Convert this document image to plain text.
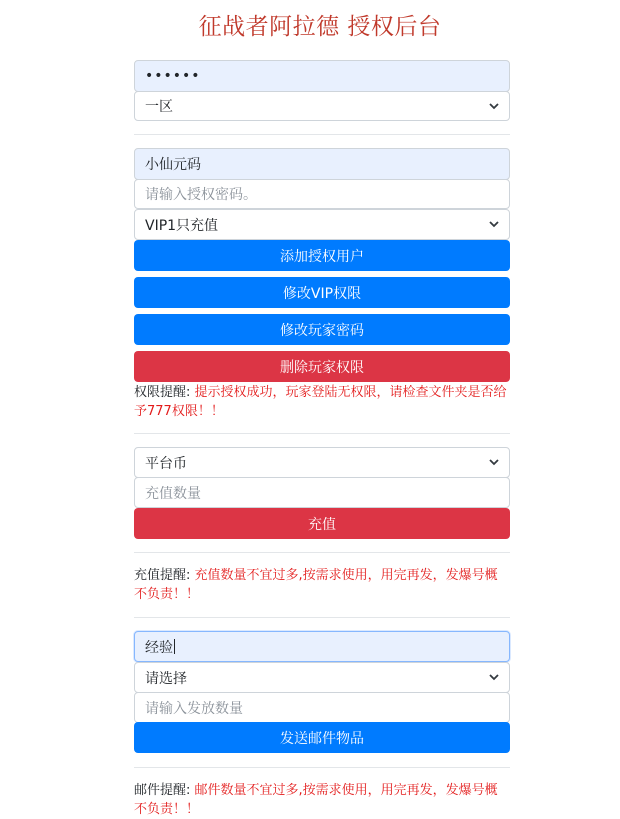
征战者阿拉德 授权后台
••••••
一区
小仙元码
请输入授权密码。
VIP1只充值
添加授权用户
修改VIP权限
修改玩家密码
删除玩家权限
权限提醒: 提示授权成功，玩家登陆无权限，请检查文件夹是否给予777权限！！
平台币
充值数量
充值
充值提醒: 充值数量不宜过多,按需求使用，用完再发，发爆号概不负责！！
经验
请选择
请输入发放数量
发送邮件物品
邮件提醒: 邮件数量不宜过多,按需求使用，用完再发，发爆号概不负责！！
